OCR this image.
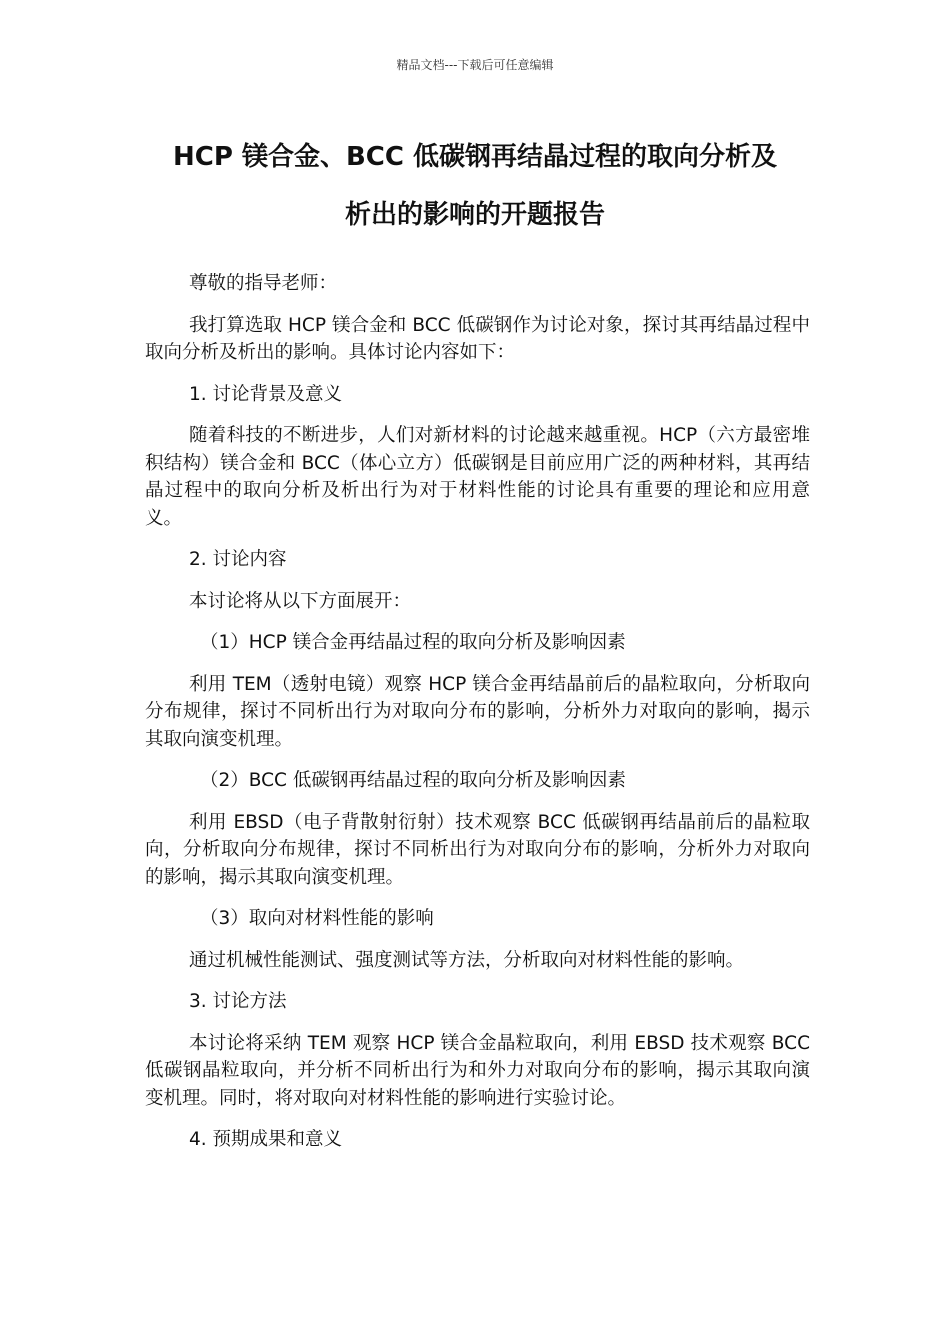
精品文档---下载后可任意编辑
HCP 镁合金、BCC 低碳钢再结晶过程的取向分析及
析出的影响的开题报告

尊敬的指导老师：

我打算选取 HCP 镁合金和 BCC 低碳钢作为讨论对象，探讨其再结晶过程中取向分析及析出的影响。具体讨论内容如下：

1. 讨论背景及意义

随着科技的不断进步，人们对新材料的讨论越来越重视。HCP（六方最密堆积结构）镁合金和 BCC（体心立方）低碳钢是目前应用广泛的两种材料，其再结晶过程中的取向分析及析出行为对于材料性能的讨论具有重要的理论和应用意义。

2. 讨论内容

本讨论将从以下方面展开：

（1）HCP 镁合金再结晶过程的取向分析及影响因素

利用 TEM（透射电镜）观察 HCP 镁合金再结晶前后的晶粒取向，分析取向分布规律，探讨不同析出行为对取向分布的影响，分析外力对取向的影响，揭示其取向演变机理。

（2）BCC 低碳钢再结晶过程的取向分析及影响因素

利用 EBSD（电子背散射衍射）技术观察 BCC 低碳钢再结晶前后的晶粒取向，分析取向分布规律，探讨不同析出行为对取向分布的影响，分析外力对取向的影响，揭示其取向演变机理。

（3）取向对材料性能的影响

通过机械性能测试、强度测试等方法，分析取向对材料性能的影响。

3. 讨论方法

本讨论将采纳 TEM 观察 HCP 镁合金晶粒取向，利用 EBSD 技术观察 BCC 低碳钢晶粒取向，并分析不同析出行为和外力对取向分布的影响，揭示其取向演变机理。同时，将对取向对材料性能的影响进行实验讨论。

4. 预期成果和意义
